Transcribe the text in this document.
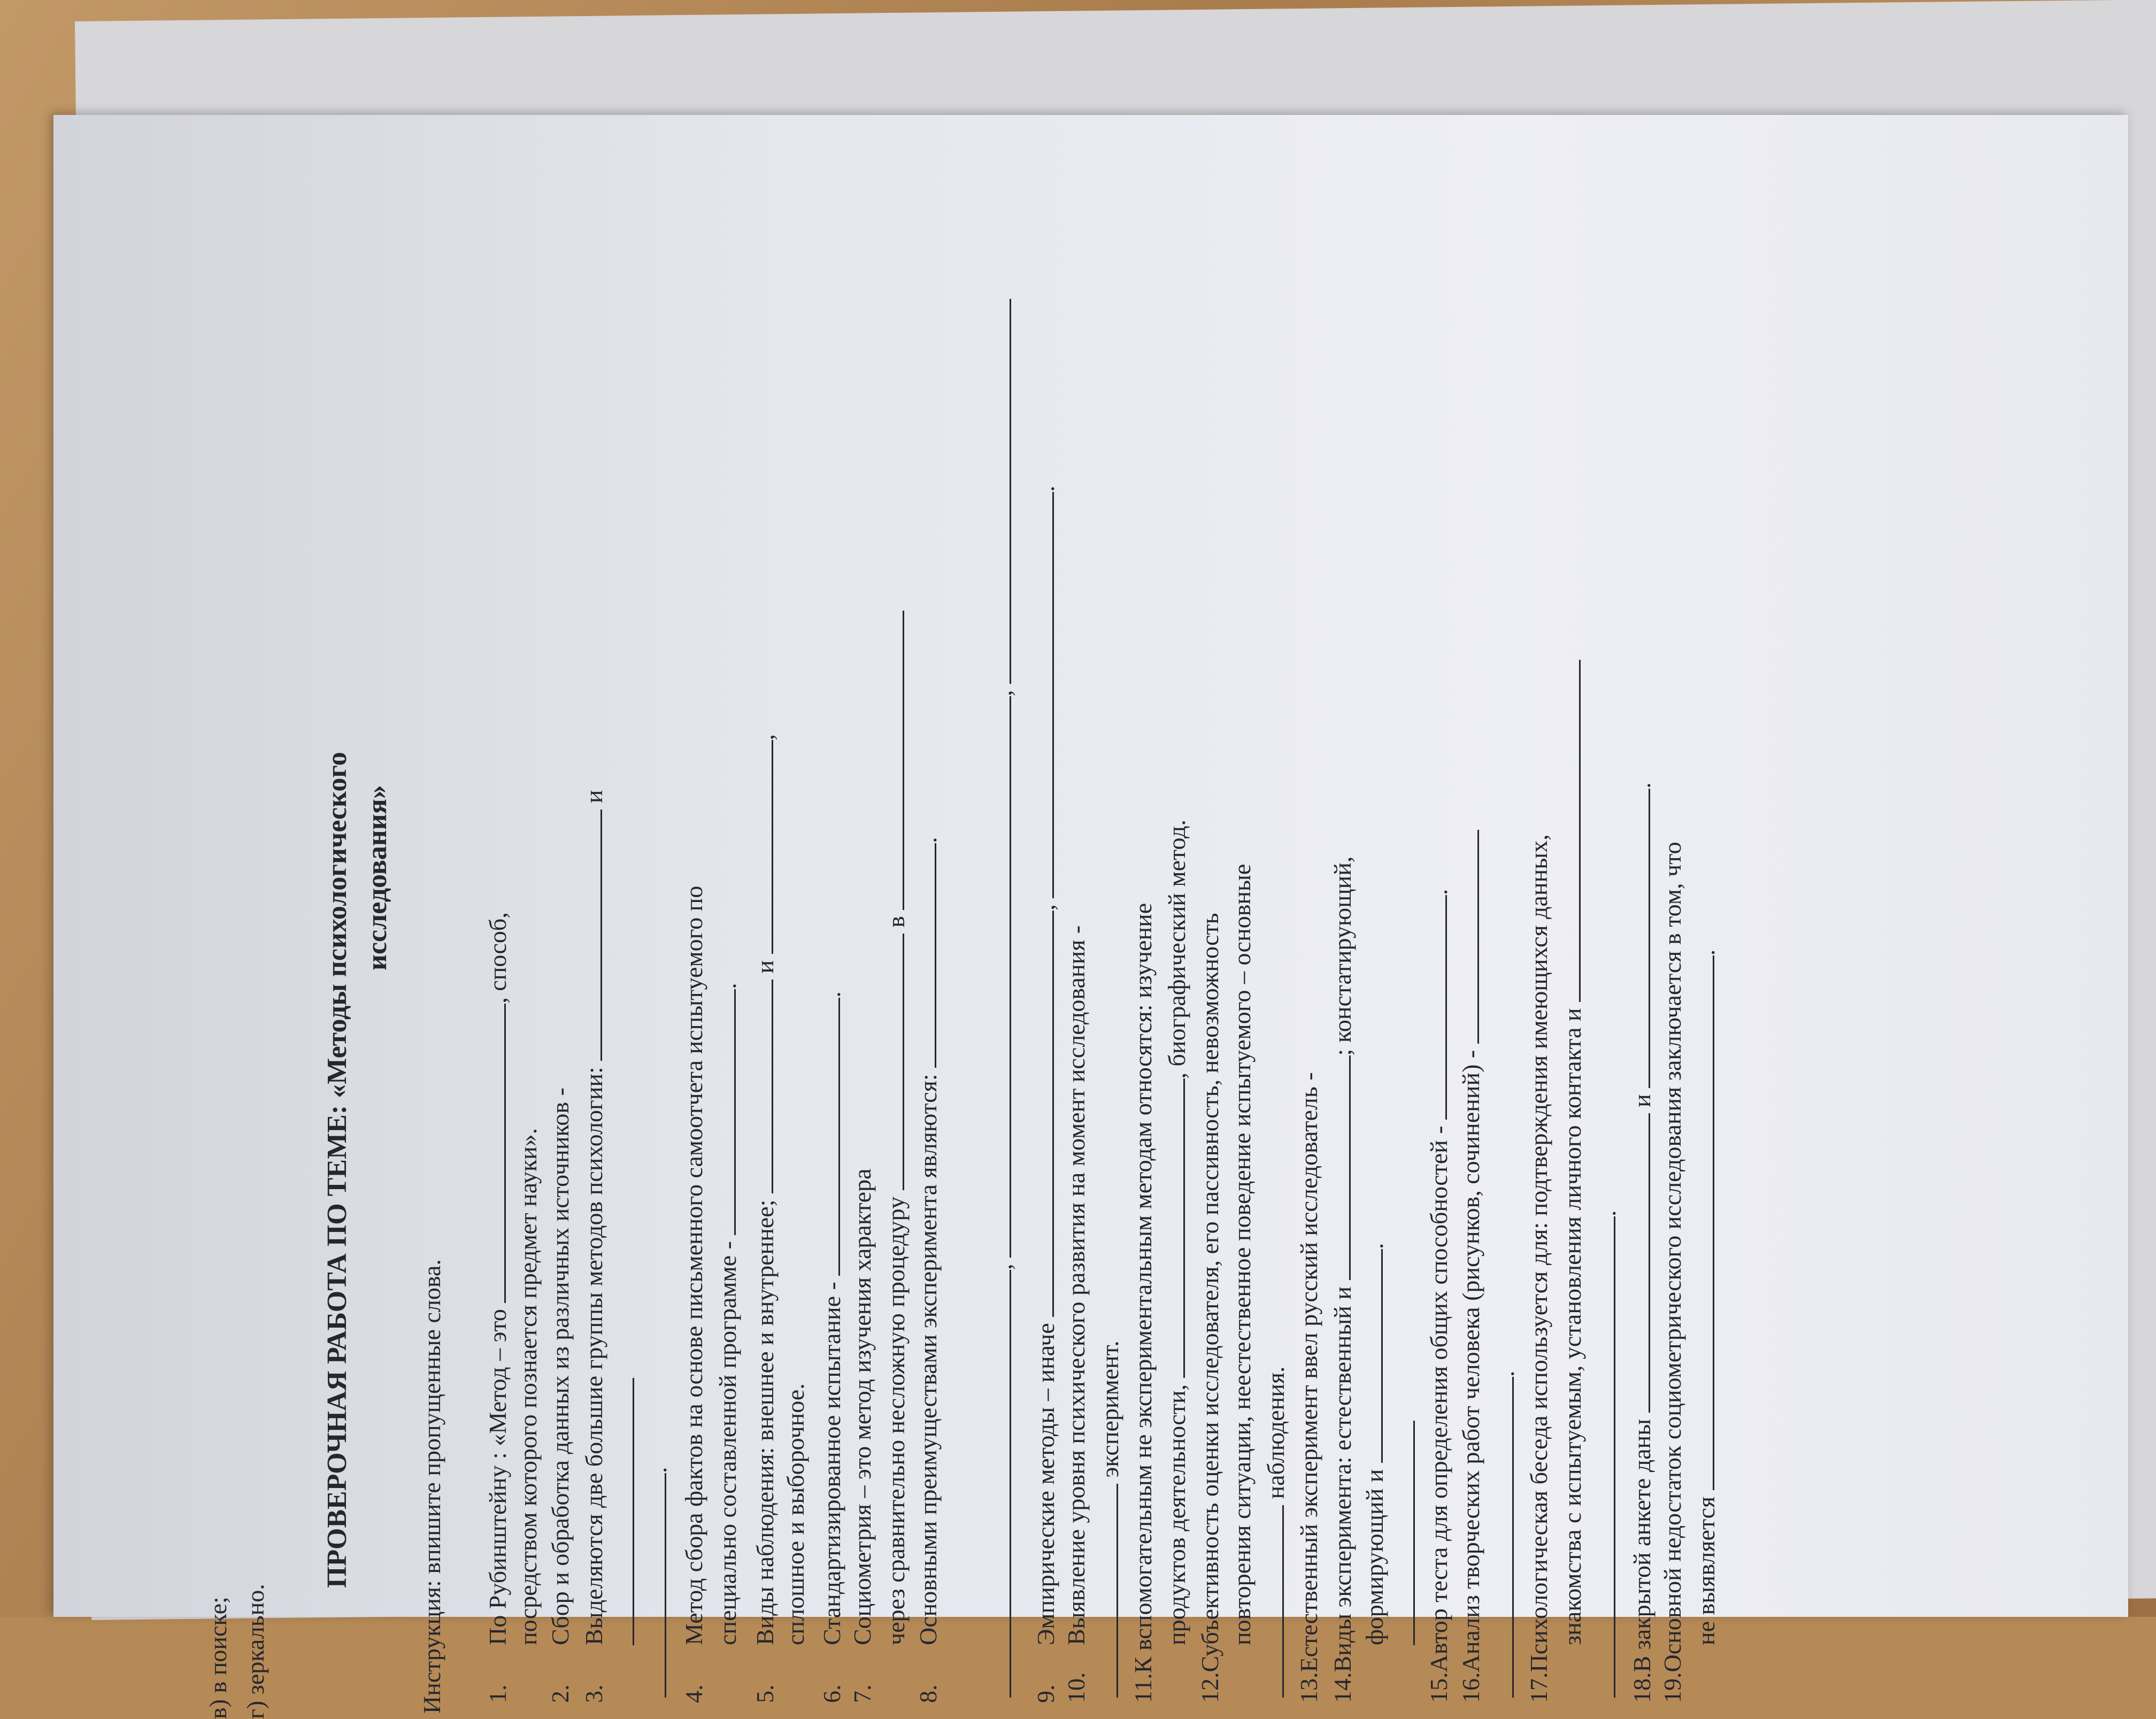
в) в поиске; г) зеркально.
ПРОВЕРОЧНАЯ РАБОТА ПО ТЕМЕ: «Методы психологического исследования»
Инструкция: впишите пропущенные слова. 1.По Рубинштейну : «Метод – это , способ,
посредством которого познается предмет науки».
2.Сбор и обработка данных из различных источников -
3.Выделяются две большие группы методов психологии:  и
.
4.Метод сбора фактов на основе письменного самоотчета испытуемого по специально составленной программе - .
5.Виды наблюдения: внешнее и внутреннее;  и ,
сплошное и выборочное.
6.Стандартизированное испытание - .
7.Социометрия – это метод изучения характера через сравнительно несложную процедуру  в
8.Основными преимуществами эксперимента являются: .
, ,
9.Эмпирические методы – иначе , .
10.Выявление уровня психического развития на момент исследования - эксперимент.
11.К вспомогательным не экспериментальным методам относятся: изучение продуктов деятельности, , биографический метод.
12.Субъективность оценки исследователя, его пассивность, невозможность повторения ситуации, неестественное поведение испытуемого – основные наблюдения.
13.Естественный эксперимент ввел русский исследователь -
14.Виды эксперимента: естественный и ; констатирующий,
формирующий и .
15.Автор теста для определения общих способностей - .
16.Анализ творческих работ человека (рисунков, сочинений) - .
17.Психологическая беседа используется для: подтверждения имеющихся данных, знакомства с испытуемым, установления личного контакта и .
18.В закрытой анкете даны  и .
19.Основной недостаток социометрического исследования заключается в том, что не выявляется .
